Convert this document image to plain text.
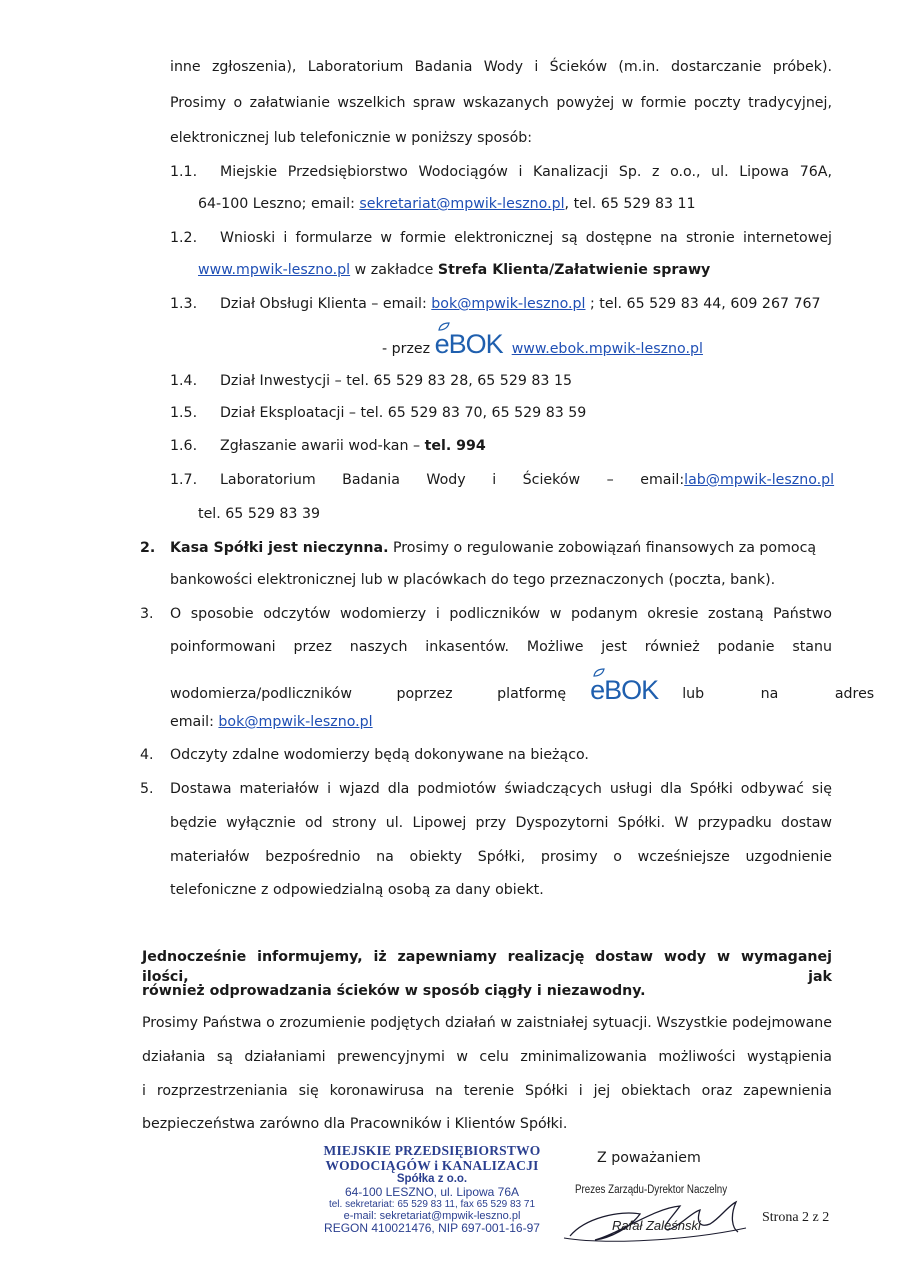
inne zgłoszenia), Laboratorium Badania Wody i Ścieków (m.in. dostarczanie próbek).
Prosimy o załatwianie wszelkich spraw wskazanych powyżej w formie poczty tradycyjnej,
elektronicznej lub telefonicznie w poniższy sposób:
1.1. Miejskie Przedsiębiorstwo Wodociągów i Kanalizacji Sp. z o.o., ul. Lipowa 76A,
64-100 Leszno; email: sekretariat@mpwik-leszno.pl, tel. 65 529 83 11
1.2. Wnioski i formularze w formie elektronicznej są dostępne na stronie internetowej
www.mpwik-leszno.pl w zakładce Strefa Klienta/Załatwienie sprawy
1.3. Dział Obsługi Klienta – email: bok@mpwik-leszno.pl ; tel. 65 529 83 44, 609 267 767
- przez
eBOK www.ebok.mpwik-leszno.pl
1.4. Dział Inwestycji – tel. 65 529 83 28, 65 529 83 15
1.5. Dział Eksploatacji – tel. 65 529 83 70, 65 529 83 59
1.6. Zgłaszanie awarii wod-kan – tel. 994
1.7. Laboratorium Badania Wody i Ścieków – email: lab@mpwik-leszno.pl
tel. 65 529 83 39
2. Kasa Spółki jest nieczynna. Prosimy o regulowanie zobowiązań finansowych za pomocą
bankowości elektronicznej lub w placówkach do tego przeznaczonych (poczta, bank).
3. O sposobie odczytów wodomierzy i podliczników w podanym okresie zostaną Państwo
poinformowani przez naszych inkasentów. Możliwe jest również podanie stanu
wodomierza/podliczników poprzez platformę eBOK lub na adres
email: bok@mpwik-leszno.pl
4. Odczyty zdalne wodomierzy będą dokonywane na bieżąco.
5. Dostawa materiałów i wjazd dla podmiotów świadczących usługi dla Spółki odbywać się
będzie wyłącznie od strony ul. Lipowej przy Dyspozytorni Spółki. W przypadku dostaw
materiałów bezpośrednio na obiekty Spółki, prosimy o wcześniejsze uzgodnienie
telefoniczne z odpowiedzialną osobą za dany obiekt.
Jednocześnie informujemy, iż zapewniamy realizację dostaw wody w wymaganej ilości, jak
również odprowadzania ścieków w sposób ciągły i niezawodny.
Prosimy Państwa o zrozumienie podjętych działań w zaistniałej sytuacji. Wszystkie podejmowane
działania są działaniami prewencyjnymi w celu zminimalizowania możliwości wystąpienia
i rozprzestrzeniania się koronawirusa na terenie Spółki i jej obiektach oraz zapewnienia
bezpieczeństwa zarówno dla Pracowników i Klientów Spółki.
Z poważaniem
MIEJSKIE PRZEDSIĘBIORSTWO
WODOCIĄGÓW i KANALIZACJI
Spółka z o.o.
64-100 LESZNO, ul. Lipowa 76A
tel. sekretariat: 65 529 83 11, fax 65 529 83 71
e-mail: sekretariat@mpwik-leszno.pl
REGON 410021476, NIP 697-001-16-97
Prezes Zarządu-Dyrektor Naczelny
Rafał Zaleśński
Strona 2 z 2
